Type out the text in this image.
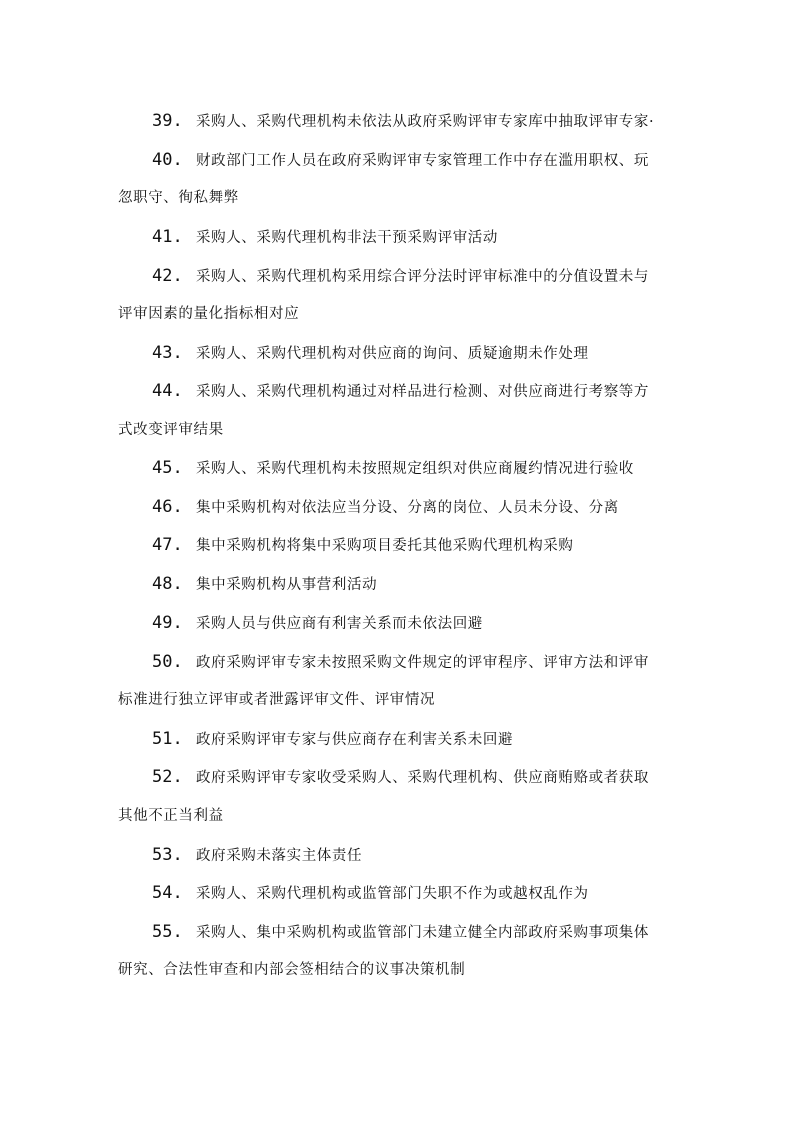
39. 采购人、采购代理机构未依法从政府采购评审专家库中抽取评审专家·
40. 财政部门工作人员在政府采购评审专家管理工作中存在滥用职权、玩
忽职守、徇私舞弊
41. 采购人、采购代理机构非法干预采购评审活动
42. 采购人、采购代理机构采用综合评分法时评审标准中的分值设置未与
评审因素的量化指标相对应
43. 采购人、采购代理机构对供应商的询问、质疑逾期未作处理
44. 采购人、采购代理机构通过对样品进行检测、对供应商进行考察等方
式改变评审结果
45. 采购人、采购代理机构未按照规定组织对供应商履约情况进行验收
46. 集中采购机构对依法应当分设、分离的岗位、人员未分设、分离
47. 集中采购机构将集中采购项目委托其他采购代理机构采购
48. 集中采购机构从事营利活动
49. 采购人员与供应商有利害关系而未依法回避
50. 政府采购评审专家未按照采购文件规定的评审程序、评审方法和评审
标准进行独立评审或者泄露评审文件、评审情况
51. 政府采购评审专家与供应商存在利害关系未回避
52. 政府采购评审专家收受采购人、采购代理机构、供应商贿赂或者获取
其他不正当利益
53. 政府采购未落实主体责任
54. 采购人、采购代理机构或监管部门失职不作为或越权乱作为
55. 采购人、集中采购机构或监管部门未建立健全内部政府采购事项集体
研究、合法性审查和内部会签相结合的议事决策机制
